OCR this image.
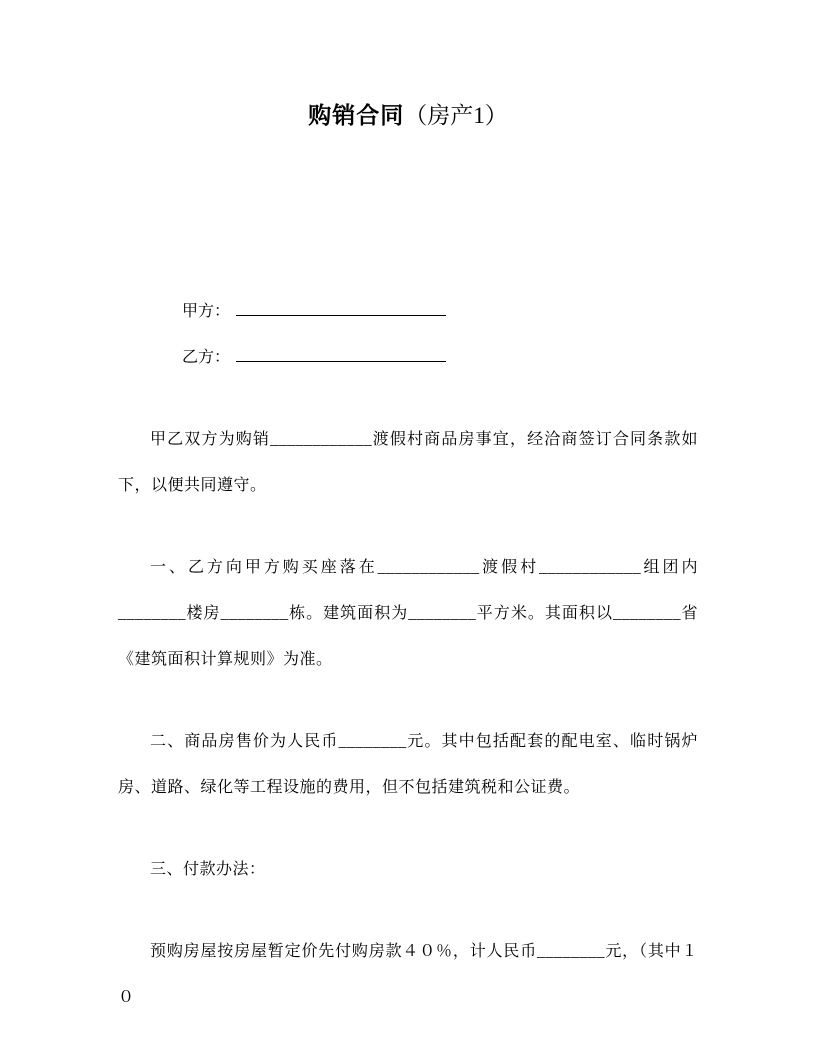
购销合同（房产1）
甲方：
乙方：

甲乙双方为购销____________渡假村商品房事宜，经洽商签订合同条款如下，以便共同遵守。

一、乙方向甲方购买座落在____________渡假村____________组团内________楼房________栋。建筑面积为________平方米。其面积以________省《建筑面积计算规则》为准。

二、商品房售价为人民币________元。其中包括配套的配电室、临时锅炉房、道路、绿化等工程设施的费用，但不包括建筑税和公证费。

三、付款办法：

预购房屋按房屋暂定价先付购房款４０％，计人民币________元，（其中１０
